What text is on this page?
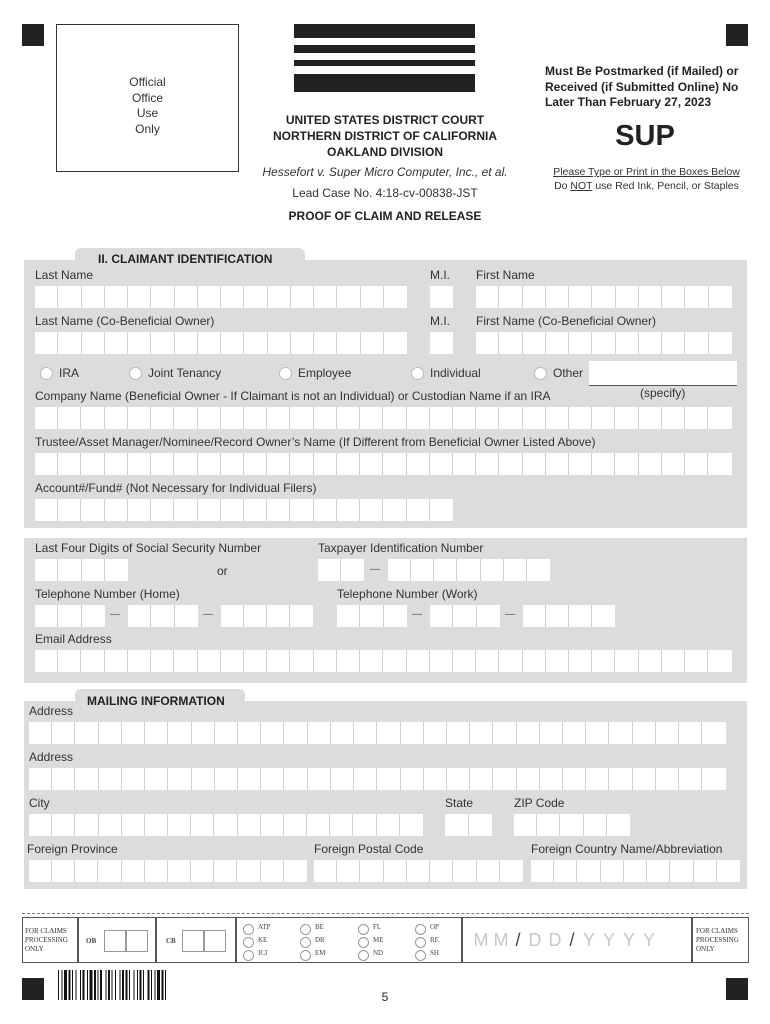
Official
Office
Use
Only
UNITED STATES DISTRICT COURT
NORTHERN DISTRICT OF CALIFORNIA
OAKLAND DIVISION
Hessefort v. Super Micro Computer, Inc., et al.
Lead Case No. 4:18-cv-00838-JST
PROOF OF CLAIM AND RELEASE
Must Be Postmarked (if Mailed) or
Received (if Submitted Online) No
Later Than February 27, 2023
SUP
Please Type or Print in the Boxes Below
Do NOT use Red Ink, Pencil, or Staples
II. CLAIMANT IDENTIFICATION
Last Name	M.I. First Name
Last Name (Co-Beneficial Owner)	M.I. First Name (Co-Beneficial Owner)
IRA	Joint Tenancy	Employee	Individual	Other
(specify)
Company Name (Beneficial Owner - If Claimant is not an Individual) or Custodian Name if an IRA
Trustee/Asset Manager/Nominee/Record Owner’s Name (If Different from Beneficial Owner Listed Above)
Account#/Fund# (Not Necessary for Individual Filers)
Last Four Digits of Social Security Number	Taxpayer Identification Number
or	—
Telephone Number (Home)	Telephone Number (Work)
—	—	—	—
Email Address
MAILING INFORMATION
Address
Address
City	State	ZIP Code
Foreign Province	Foreign Postal Code	Foreign Country Name/Abbreviation
FOR CLAIMS PROCESSING ONLY
OB	CB
ATP
KE
ICI
BE
DR
EM
FL
ME
ND
OP
RE
SH
M M / D D / Y Y Y Y	FOR CLAIMS PROCESSING ONLY
5
